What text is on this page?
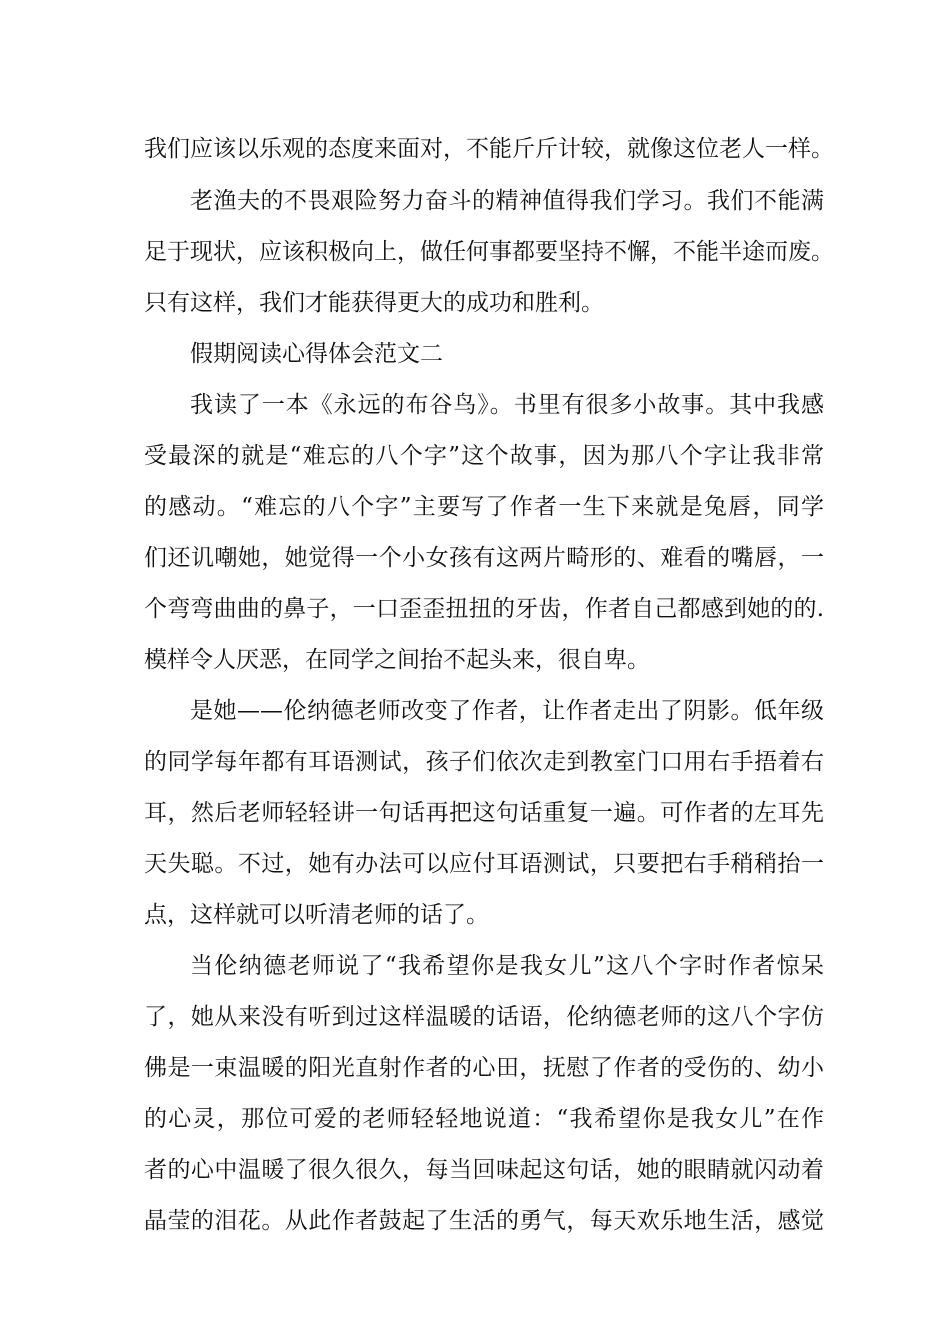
我们应该以乐观的态度来面对，不能斤斤计较，就像这位老人一样。
老渔夫的不畏艰险努力奋斗的精神值得我们学习。我们不能满
足于现状，应该积极向上，做任何事都要坚持不懈，不能半途而废。
只有这样，我们才能获得更大的成功和胜利。
假期阅读心得体会范文二
我读了一本《永远的布谷鸟》。书里有很多小故事。其中我感
受最深的就是“难忘的八个字”这个故事，因为那八个字让我非常
的感动。“难忘的八个字”主要写了作者一生下来就是兔唇，同学
们还讥嘲她，她觉得一个小女孩有这两片畸形的、难看的嘴唇，一
个弯弯曲曲的鼻子，一口歪歪扭扭的牙齿，作者自己都感到她的的.
模样令人厌恶，在同学之间抬不起头来，很自卑。
是她——伦纳德老师改变了作者，让作者走出了阴影。低年级
的同学每年都有耳语测试，孩子们依次走到教室门口用右手捂着右
耳，然后老师轻轻讲一句话再把这句话重复一遍。可作者的左耳先
天失聪。不过，她有办法可以应付耳语测试，只要把右手稍稍抬一
点，这样就可以听清老师的话了。
当伦纳德老师说了“我希望你是我女儿”这八个字时作者惊呆
了，她从来没有听到过这样温暖的话语，伦纳德老师的这八个字仿
佛是一束温暖的阳光直射作者的心田，抚慰了作者的受伤的、幼小
的心灵，那位可爱的老师轻轻地说道：“我希望你是我女儿”在作
者的心中温暖了很久很久，每当回味起这句话，她的眼睛就闪动着
晶莹的泪花。从此作者鼓起了生活的勇气，每天欢乐地生活，感觉
